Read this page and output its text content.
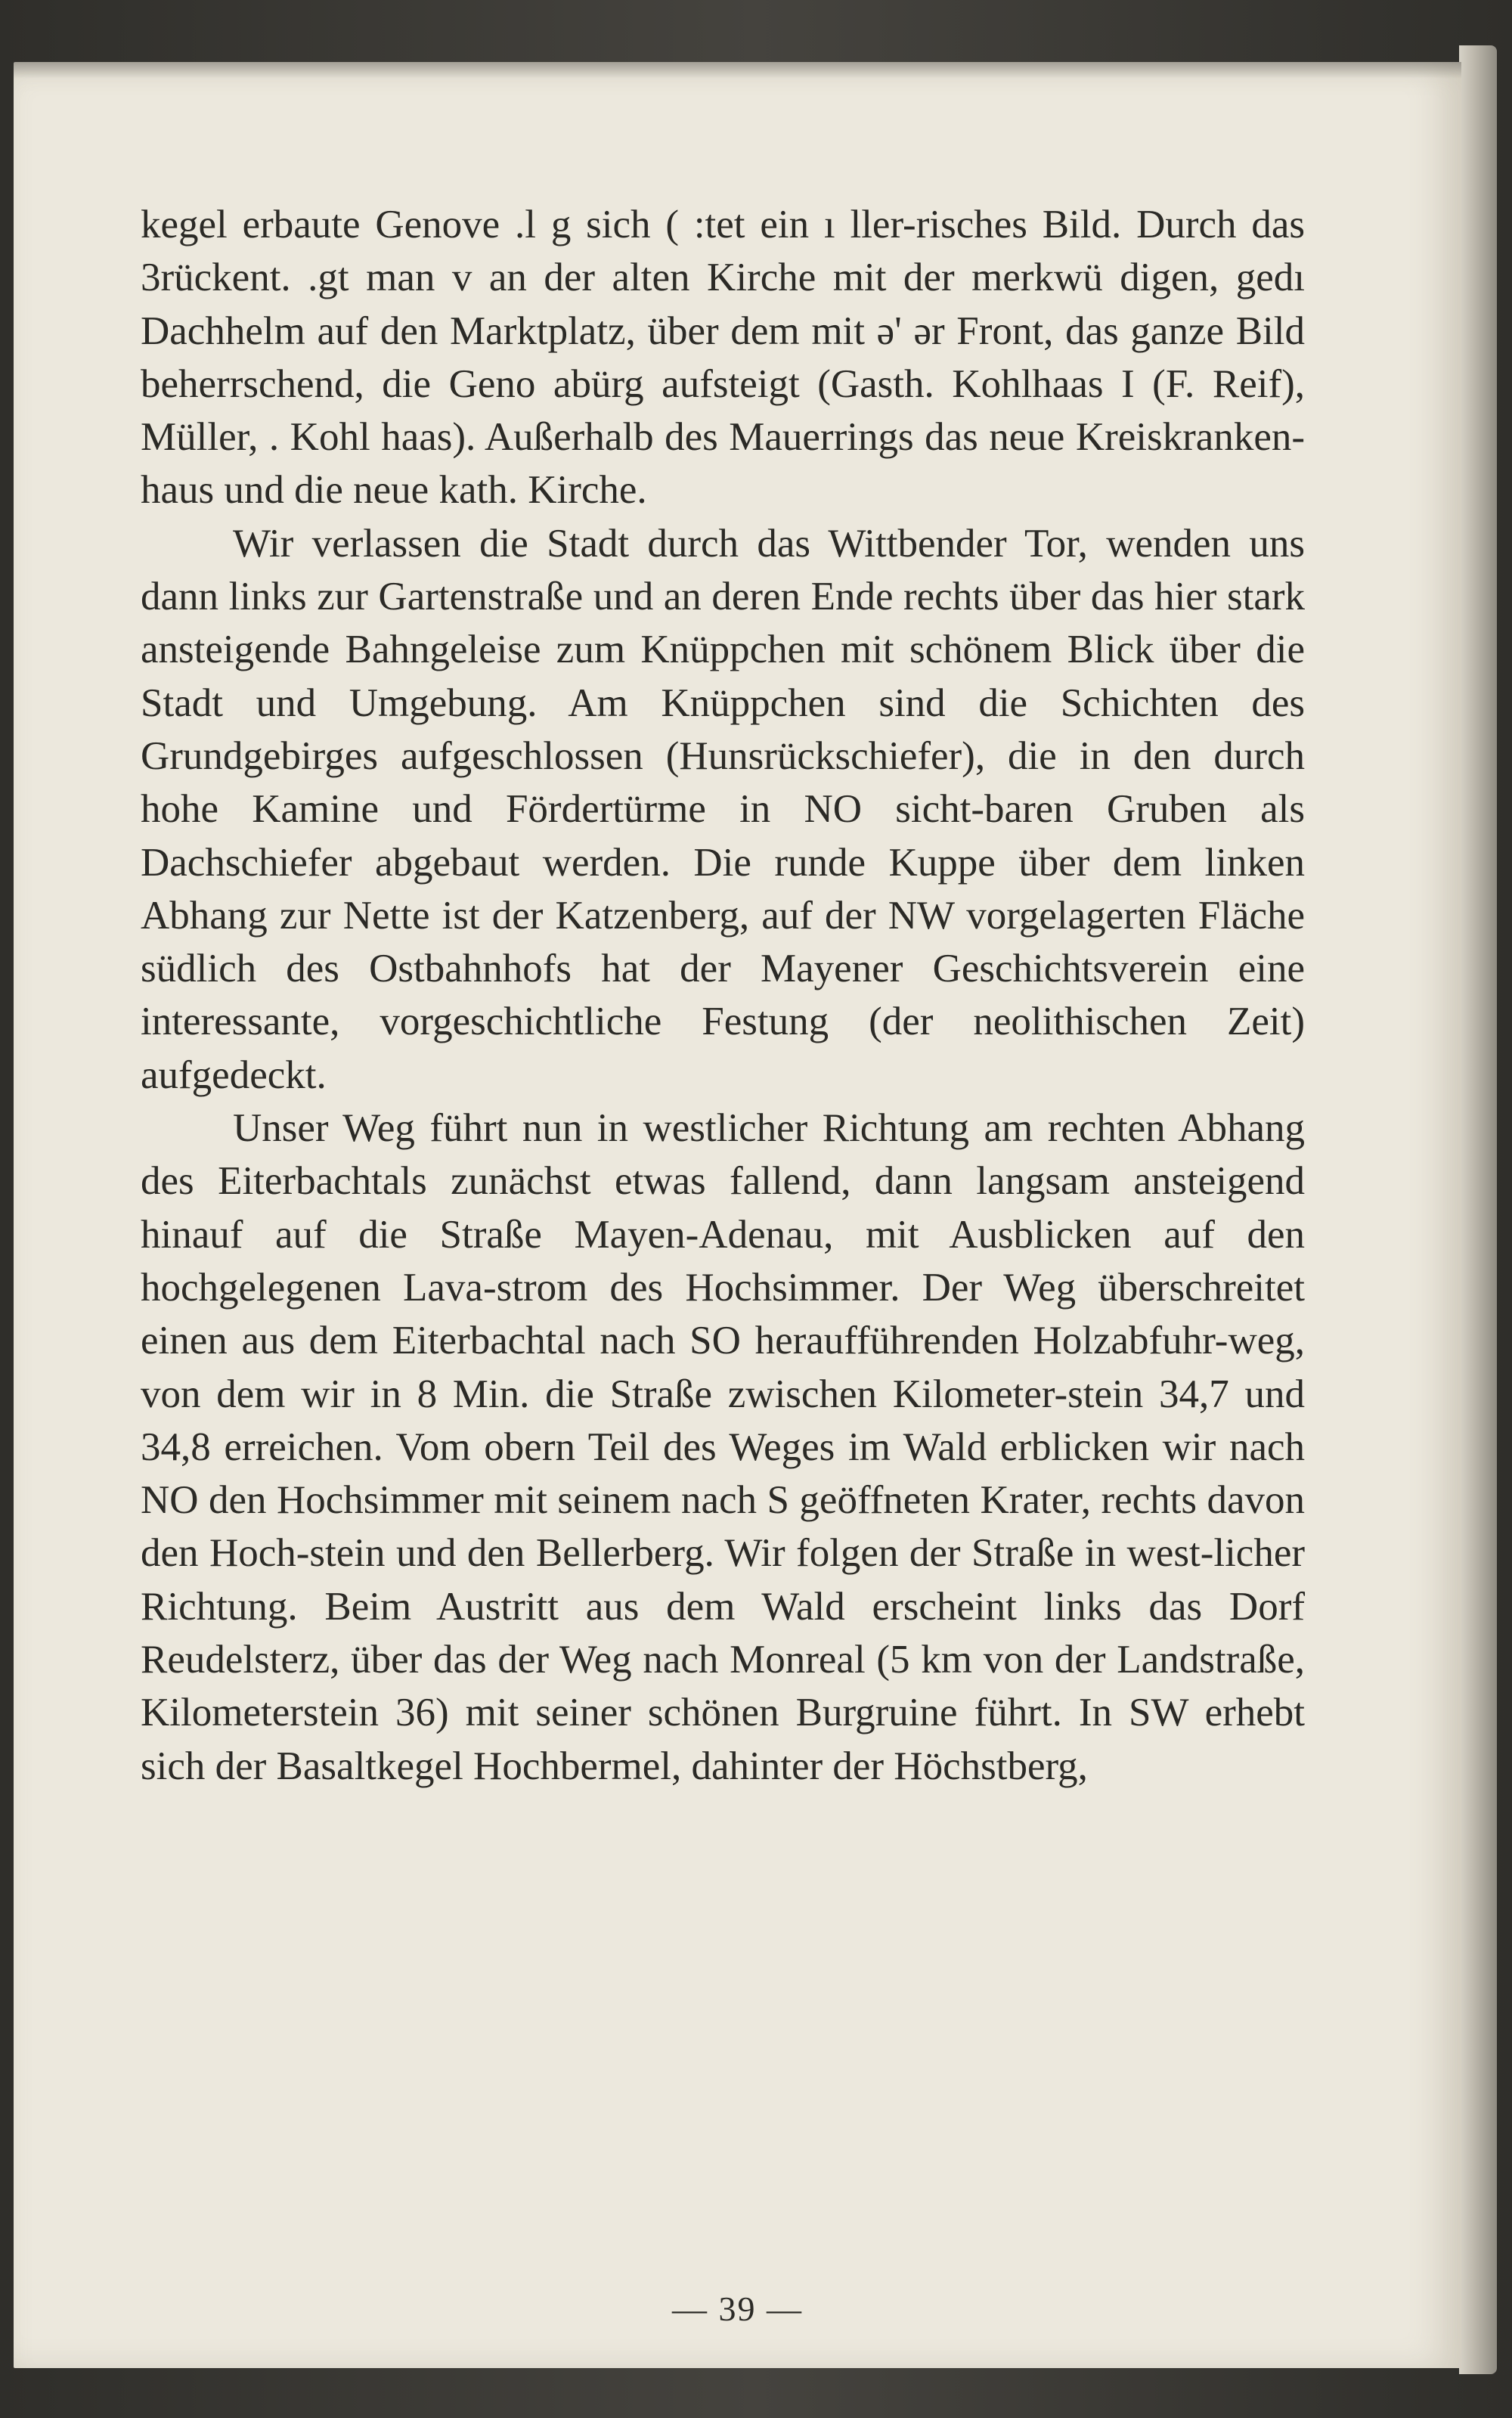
kegel erbaute Genove .l g sich ( :tet ein ı ller-risches Bild. Durch das 3rückent. .gt man v an der alten Kirche mit der merkwü digen, gedı Dachhelm auf den Marktplatz, über dem mit ə' ər Front, das ganze Bild beherrschend, die Geno abürg aufsteigt (Gasth. Kohlhaas I (F. Reif), Müller, . Kohl haas). Außerhalb des Mauerrings das neue Kreiskranken-haus und die neue kath. Kirche.

Wir verlassen die Stadt durch das Wittbender Tor, wenden uns dann links zur Gartenstraße und an deren Ende rechts über das hier stark ansteigende Bahngeleise zum Knüppchen mit schönem Blick über die Stadt und Umgebung. Am Knüppchen sind die Schichten des Grundgebirges aufgeschlossen (Hunsrückschiefer), die in den durch hohe Kamine und Fördertürme in NO sicht-baren Gruben als Dachschiefer abgebaut werden. Die runde Kuppe über dem linken Abhang zur Nette ist der Katzenberg, auf der NW vorgelagerten Fläche südlich des Ostbahnhofs hat der Mayener Geschichtsverein eine interessante, vorgeschichtliche Festung (der neolithischen Zeit) aufgedeckt.

Unser Weg führt nun in westlicher Richtung am rechten Abhang des Eiterbachtals zunächst etwas fallend, dann langsam ansteigend hinauf auf die Straße Mayen-Adenau, mit Ausblicken auf den hochgelegenen Lava-strom des Hochsimmer. Der Weg überschreitet einen aus dem Eiterbachtal nach SO heraufführenden Holzabfuhr-weg, von dem wir in 8 Min. die Straße zwischen Kilometer-stein 34,7 und 34,8 erreichen. Vom obern Teil des Weges im Wald erblicken wir nach NO den Hochsimmer mit seinem nach S geöffneten Krater, rechts davon den Hoch-stein und den Bellerberg. Wir folgen der Straße in west-licher Richtung. Beim Austritt aus dem Wald erscheint links das Dorf Reudelsterz, über das der Weg nach Monreal (5 km von der Landstraße, Kilometerstein 36) mit seiner schönen Burgruine führt. In SW erhebt sich der Basaltkegel Hochbermel, dahinter der Höchstberg,

— 39 —
